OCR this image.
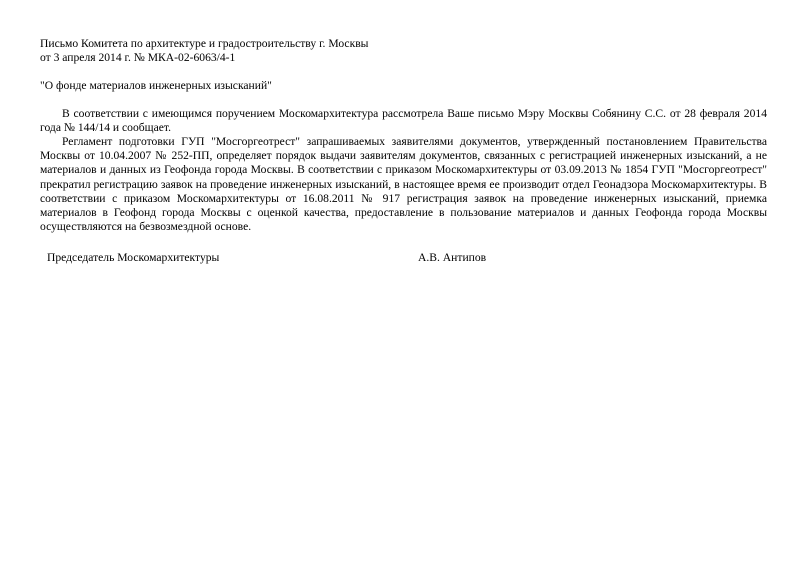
Письмо Комитета по архитектуре и градостроительству г. Москвы

от 3 апреля 2014 г. № МКА-02-6063/4-1

"О фонде материалов инженерных изысканий"

В соответствии с имеющимся поручением Москомархитектура рассмотрела Ваше письмо Мэру Москвы Собянину С.С. от 28 февраля 2014 года № 144/14 и сообщает.

Регламент подготовки ГУП "Мосгоргеотрест" запрашиваемых заявителями документов, утвержденный постановлением Правительства Москвы от 10.04.2007 № 252-ПП, определяет порядок выдачи заявителям документов, связанных с регистрацией инженерных изысканий, а не материалов и данных из Геофонда города Москвы. В соответствии с приказом Москомархитектуры от 03.09.2013 № 1854 ГУП "Мосгоргеотрест" прекратил регистрацию заявок на проведение инженерных изысканий, в настоящее время ее производит отдел Геонадзора Москомархитектуры. В соответствии с приказом Москомархитектуры от 16.08.2011 № 917 регистрация заявок на проведение инженерных изысканий, приемка материалов в Геофонд города Москвы с оценкой качества, предоставление в пользование материалов и данных Геофонда города Москвы осуществляются на безвозмездной основе.

Председатель Москомархитектуры	А.В. Антипов
